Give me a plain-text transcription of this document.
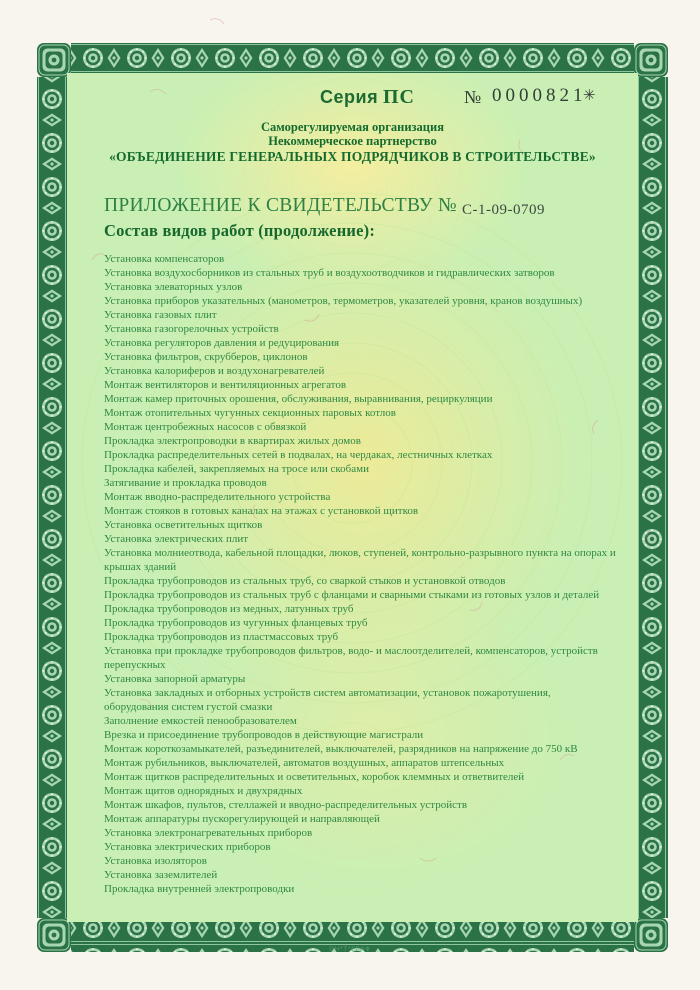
Серия ПС	№ 0000821
✳
Саморегулируемая организация
Некоммерческое партнерство
«ОБЪЕДИНЕНИЕ ГЕНЕРАЛЬНЫХ ПОДРЯДЧИКОВ В СТРОИТЕЛЬСТВЕ»
ПРИЛОЖЕНИЕ К СВИДЕТЕЛЬСТВУ № С-1-09-0709
Состав видов работ (продолжение):
Установка компенсаторов
Установка воздухосборников из стальных труб и воздухоотводчиков и гидравлических затворов
Установка элеваторных узлов
Установка приборов указательных (манометров, термометров, указателей уровня, кранов воздушных)
Установка газовых плит
Установка газогорелочных устройств
Установка регуляторов давления и редуцирования
Установка фильтров, скрубберов, циклонов
Установка калориферов и воздухонагревателей
Монтаж вентиляторов и вентиляционных агрегатов
Монтаж камер приточных орошения, обслуживания, выравнивания, рециркуляции
Монтаж отопительных чугунных секционных паровых котлов
Монтаж центробежных насосов с обвязкой
Прокладка электропроводки в квартирах жилых домов
Прокладка распределительных сетей в подвалах, на чердаках, лестничных клетках
Прокладка кабелей, закрепляемых на тросе или скобами
Затягивание и прокладка проводов
Монтаж вводно-распределительного устройства
Монтаж стояков в готовых каналах на этажах с установкой щитков
Установка осветительных щитков
Установка электрических плит
Установка молниеотвода, кабельной площадки, люков, ступеней, контрольно-разрывного пункта на опорах и крышах зданий
Прокладка трубопроводов из стальных труб, со сваркой стыков и установкой отводов
Прокладка трубопроводов из стальных труб с фланцами и сварными стыками из готовых узлов и деталей
Прокладка трубопроводов из медных, латунных труб
Прокладка трубопроводов из чугунных фланцевых труб
Прокладка трубопроводов из пластмассовых труб
Установка при прокладке трубопроводов фильтров, водо- и маслоотделителей, компенсаторов, устройств перепускных
Установка запорной арматуры
Установка закладных и отборных устройств систем автоматизации, установок пожаротушения, оборудования систем густой смазки
Заполнение емкостей пенообразователем
Врезка и присоединение трубопроводов в действующие магистрали
Монтаж короткозамыкателей, разъединителей, выключателей, разрядников на напряжение до 750 кВ
Монтаж рубильников, выключателей, автоматов воздушных, аппаратов штепсельных
Монтаж щитков распределительных и осветительных, коробок клеммных и ответвителей
Монтаж щитов однорядных и двухрядных
Монтаж шкафов, пультов, стеллажей и вводно-распределительных устройств
Монтаж аппаратуры пускорегулирующей и направляющей
Установка электронагревательных приборов
Установка электрических приборов
Установка изоляторов
Установка заземлителей
Прокладка внутренней электропроводки
©Н*Т*ГРАФ
